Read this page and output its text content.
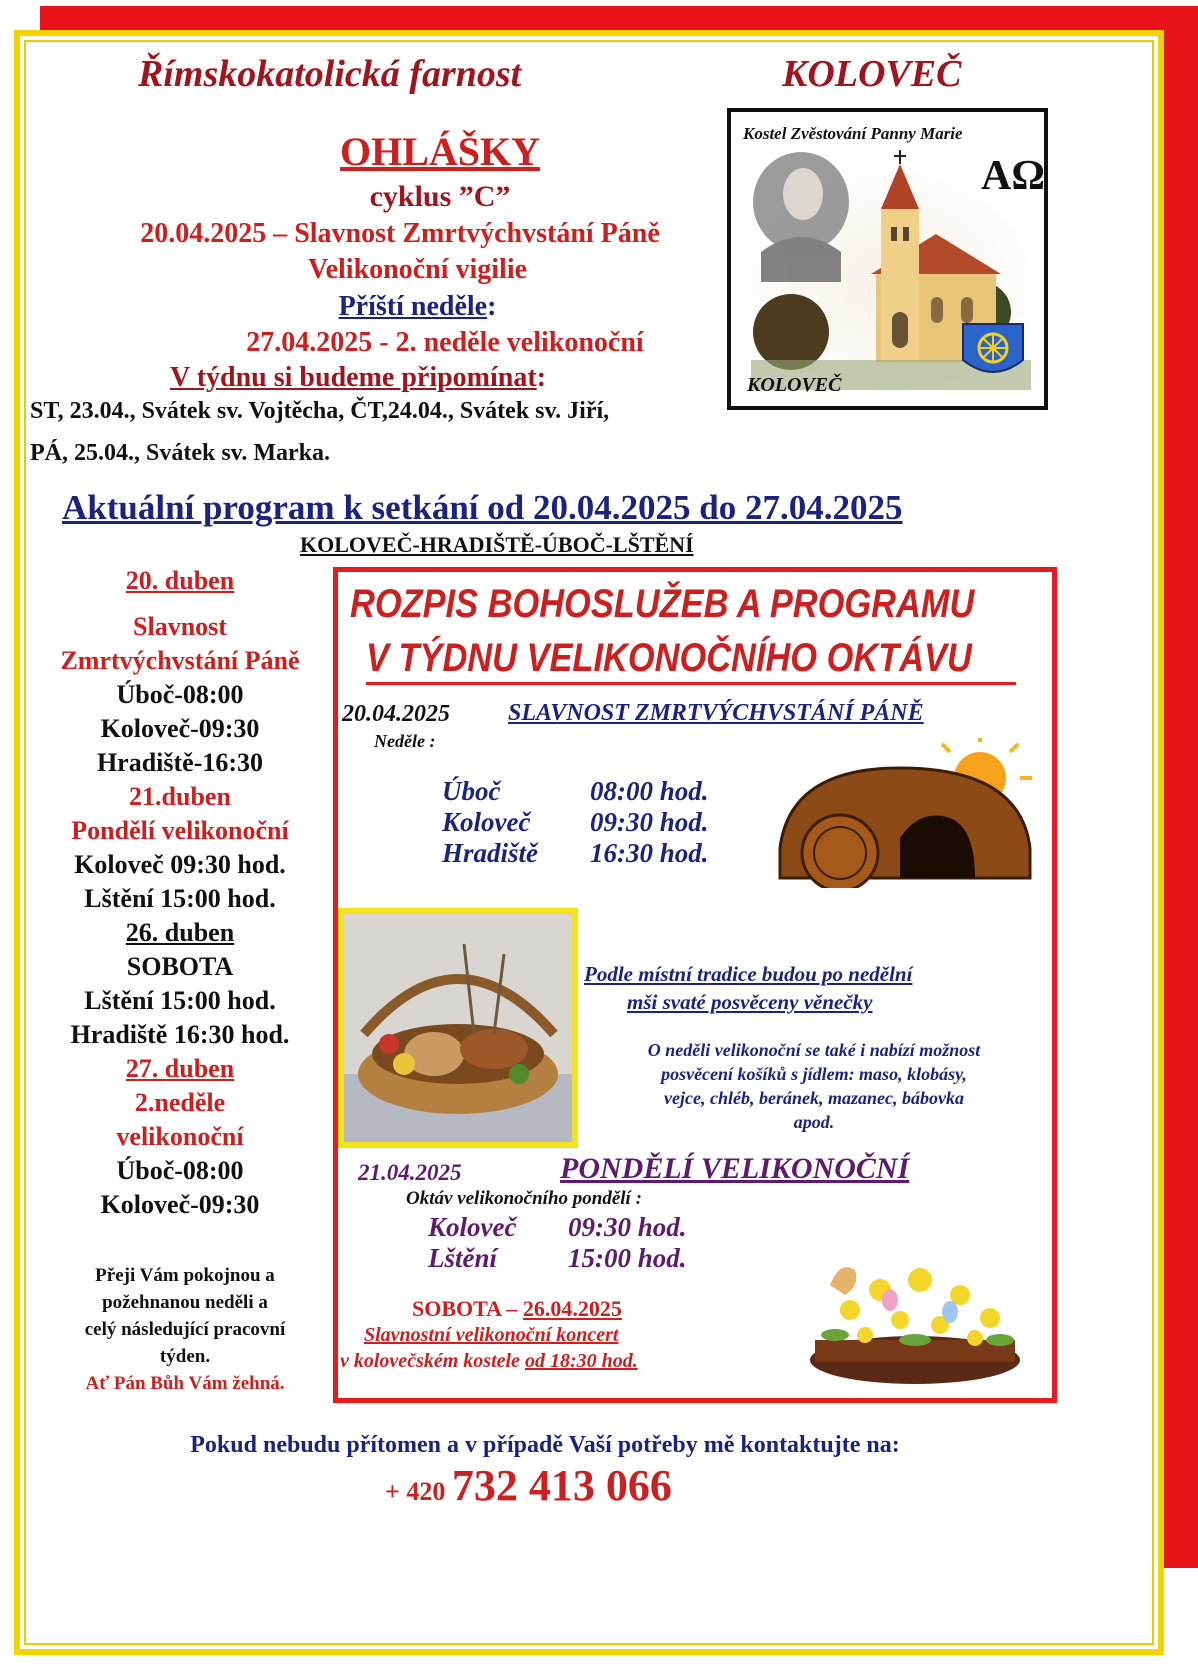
Římskokatolická farnost	KOLOVEČ
OHLÁŠKY
cyklus ”C”
20.04.2025 – Slavnost Zmrtvýchvstání Páně
Velikonoční vigilie
Příští neděle:
27.04.2025 - 2. neděle velikonoční
V týdnu si budeme připomínat:
ST, 23.04., Svátek sv. Vojtěcha, ČT,24.04., Svátek sv. Jiří,
PÁ, 25.04., Svátek sv. Marka.
Kostel Zvěstování Panny Marie
AΩ
KOLOVEČ
Aktuální program k setkání od 20.04.2025 do 27.04.2025
KOLOVEČ-HRADIŠTĚ-ÚBOČ-LŠTĚNÍ
20. duben
Slavnost
Zmrtvýchvstání Páně
Úboč-08:00
Koloveč-09:30
Hradiště-16:30
21.duben
Pondělí velikonoční
Koloveč 09:30 hod.
Lštění 15:00 hod.
26. duben
SOBOTA
Lštění 15:00 hod.
Hradiště 16:30 hod.
27. duben
2.neděle
velikonoční
Úboč-08:00
Koloveč-09:30
Přeji Vám pokojnou a
požehnanou neděli a
celý následující pracovní
týden.
Ať Pán Bůh Vám žehná.
ROZPIS BOHOSLUŽEB A PROGRAMU
V TÝDNU VELIKONOČNÍHO OKTÁVU
20.04.2025 SLAVNOST ZMRTVÝCHVSTÁNÍ PÁNĚ
Neděle :
Úboč	08:00 hod.
Koloveč 09:30 hod.
Hradiště 16:30 hod.
Podle místní tradice budou po nedělní
mši svaté posvěceny věnečky
O neděli velikonoční se také i nabízí možnost
posvěcení košíků s jídlem: maso, klobásy,
vejce, chléb, beránek, mazanec, bábovka
apod.
21.04.2025	PONDĚLÍ VELIKONOČNÍ
Oktáv velikonočního pondělí :
Koloveč 09:30 hod.
Lštění	15:00 hod.
SOBOTA – 26.04.2025
Slavnostní velikonoční koncert
v kolovečském kostele od 18:30 hod.
Pokud nebudu přítomen a v případě Vaší potřeby mě kontaktujte na:
+ 420 732 413 066
